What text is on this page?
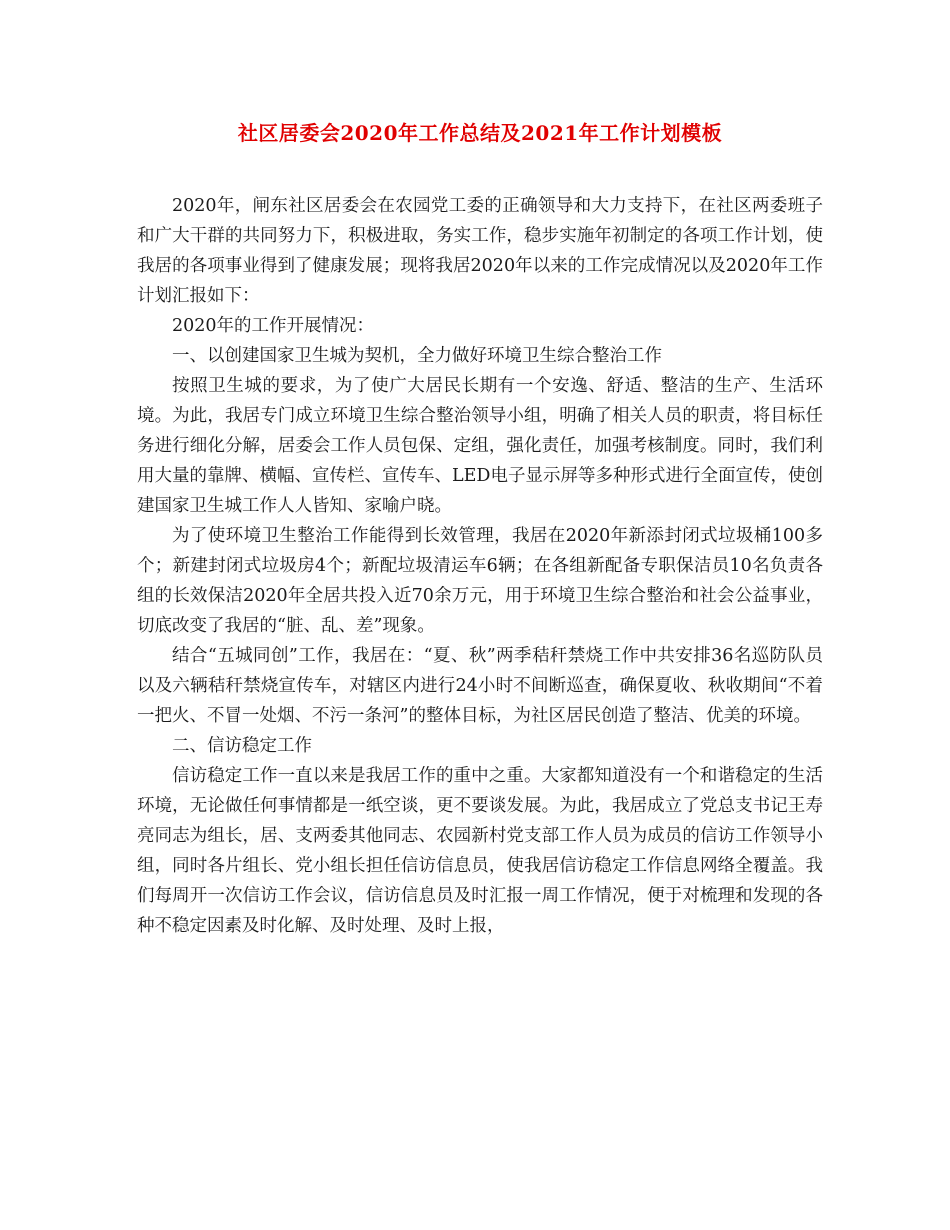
社区居委会2020年工作总结及2021年工作计划模板

2020年，闸东社区居委会在农园党工委的正确领导和大力支持下，在社区两委班子和广大干群的共同努力下，积极进取，务实工作，稳步实施年初制定的各项工作计划，使我居的各项事业得到了健康发展；现将我居2020年以来的工作完成情况以及2020年工作计划汇报如下：

2020年的工作开展情况：

一、以创建国家卫生城为契机，全力做好环境卫生综合整治工作

按照卫生城的要求，为了使广大居民长期有一个安逸、舒适、整洁的生产、生活环境。为此，我居专门成立环境卫生综合整治领导小组，明确了相关人员的职责，将目标任务进行细化分解，居委会工作人员包保、定组，强化责任，加强考核制度。同时，我们利用大量的靠牌、横幅、宣传栏、宣传车、LED电子显示屏等多种形式进行全面宣传，使创建国家卫生城工作人人皆知、家喻户晓。

为了使环境卫生整治工作能得到长效管理，我居在2020年新添封闭式垃圾桶100多个；新建封闭式垃圾房4个；新配垃圾清运车6辆；在各组新配备专职保洁员10名负责各组的长效保洁2020年全居共投入近70余万元，用于环境卫生综合整治和社会公益事业，切底改变了我居的“脏、乱、差”现象。

结合“五城同创”工作，我居在：“夏、秋”两季秸秆禁烧工作中共安排36名巡防队员以及六辆秸秆禁烧宣传车，对辖区内进行24小时不间断巡查，确保夏收、秋收期间“不着一把火、不冒一处烟、不污一条河”的整体目标，为社区居民创造了整洁、优美的环境。

二、信访稳定工作

信访稳定工作一直以来是我居工作的重中之重。大家都知道没有一个和谐稳定的生活环境，无论做任何事情都是一纸空谈，更不要谈发展。为此，我居成立了党总支书记王寿亮同志为组长，居、支两委其他同志、农园新村党支部工作人员为成员的信访工作领导小组，同时各片组长、党小组长担任信访信息员，使我居信访稳定工作信息网络全覆盖。我们每周开一次信访工作会议，信访信息员及时汇报一周工作情况，便于对梳理和发现的各种不稳定因素及时化解、及时处理、及时上报，
